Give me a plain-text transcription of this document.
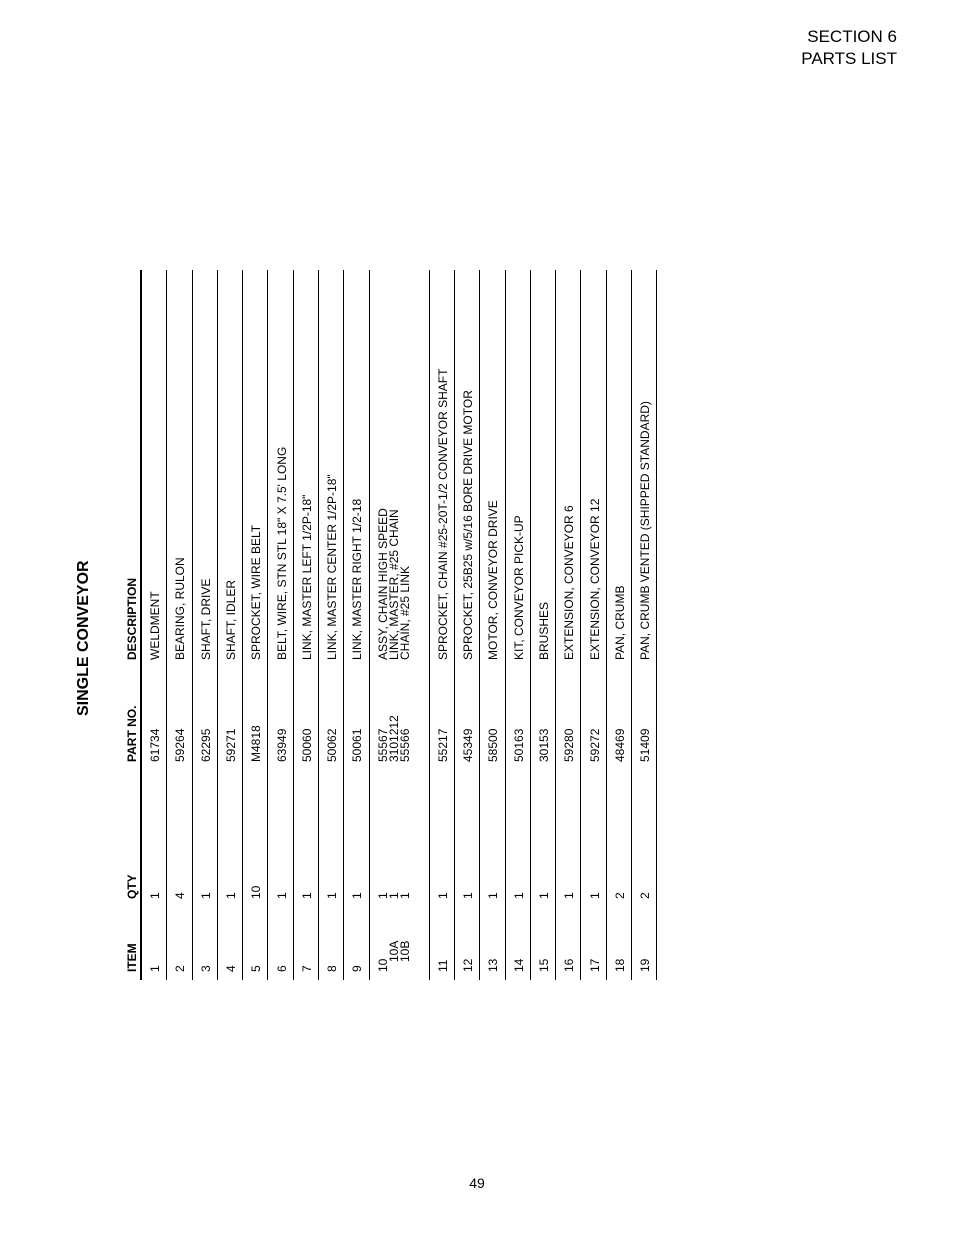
SECTION 6
PARTS LIST
SINGLE CONVEYOR
ITEM
QTY
PART NO.
DESCRIPTION
1
1
61734
WELDMENT
2
4
59264
BEARING, RULON
3
1
62295
SHAFT, DRIVE
4
1
59271
SHAFT, IDLER
5
10
M4818
SPROCKET, WIRE BELT
6
1
63949
BELT, WIRE, STN STL 18" X 7.5' LONG
7
1
50060
LINK, MASTER LEFT 1/2P-18"
8
1
50062
LINK, MASTER CENTER 1/2P-18"
9
1
50061
LINK, MASTER RIGHT 1/2-18
10
10A
10B
1
1
1
55567
3101212
55566
ASSY, CHAIN HIGH SPEED
LINK, MASTER, #25 CHAIN
CHAIN, #25 LINK
11
1
55217
SPROCKET, CHAIN #25-20T-1/2 CONVEYOR SHAFT
12
1
45349
SPROCKET, 25B25 w/5/16 BORE DRIVE MOTOR
13
1
58500
MOTOR, CONVEYOR DRIVE
14
1
50163
KIT, CONVEYOR PICK-UP
15
1
30153
BRUSHES
16
1
59280
EXTENSION, CONVEYOR 6
17
1
59272
EXTENSION, CONVEYOR 12
18
2
48469
PAN, CRUMB
19
2
51409
PAN, CRUMB VENTED (SHIPPED STANDARD)
49
